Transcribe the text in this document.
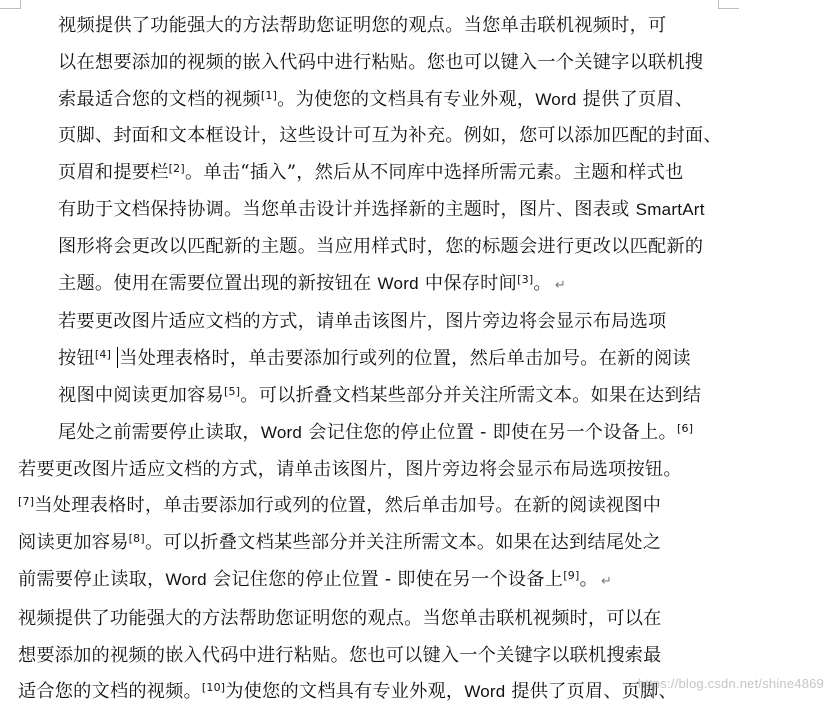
视频提供了功能强大的方法帮助您证明您的观点。当您单击联机视频时，可
以在想要添加的视频的嵌入代码中进行粘贴。您也可以键入一个关键字以联机搜
索最适合您的文档的视频[1]。为使您的文档具有专业外观，Word 提供了页眉、
页脚、封面和文本框设计，这些设计可互为补充。例如，您可以添加匹配的封面、
页眉和提要栏[2]。单击“插入”，然后从不同库中选择所需元素。主题和样式也
有助于文档保持协调。当您单击设计并选择新的主题时，图片、图表或 SmartArt
图形将会更改以匹配新的主题。当应用样式时，您的标题会进行更改以匹配新的
主题。使用在需要位置出现的新按钮在 Word 中保存时间[3]。 ↵

若要更改图片适应文档的方式，请单击该图片，图片旁边将会显示布局选项
按钮[4] 当处理表格时，单击要添加行或列的位置，然后单击加号。在新的阅读
视图中阅读更加容易[5]。可以折叠文档某些部分并关注所需文本。如果在达到结
尾处之前需要停止读取，Word 会记住您的停止位置 - 即使在另一个设备上。[6]
若要更改图片适应文档的方式，请单击该图片，图片旁边将会显示布局选项按钮。
[7]当处理表格时，单击要添加行或列的位置，然后单击加号。在新的阅读视图中
阅读更加容易[8]。可以折叠文档某些部分并关注所需文本。如果在达到结尾处之
前需要停止读取，Word 会记住您的停止位置 - 即使在另一个设备上[9]。 ↵

视频提供了功能强大的方法帮助您证明您的观点。当您单击联机视频时，可以在
想要添加的视频的嵌入代码中进行粘贴。您也可以键入一个关键字以联机搜索最
适合您的文档的视频。[10]为使您的文档具有专业外观，Word 提供了页眉、页脚、

https://blog.csdn.net/shine4869
